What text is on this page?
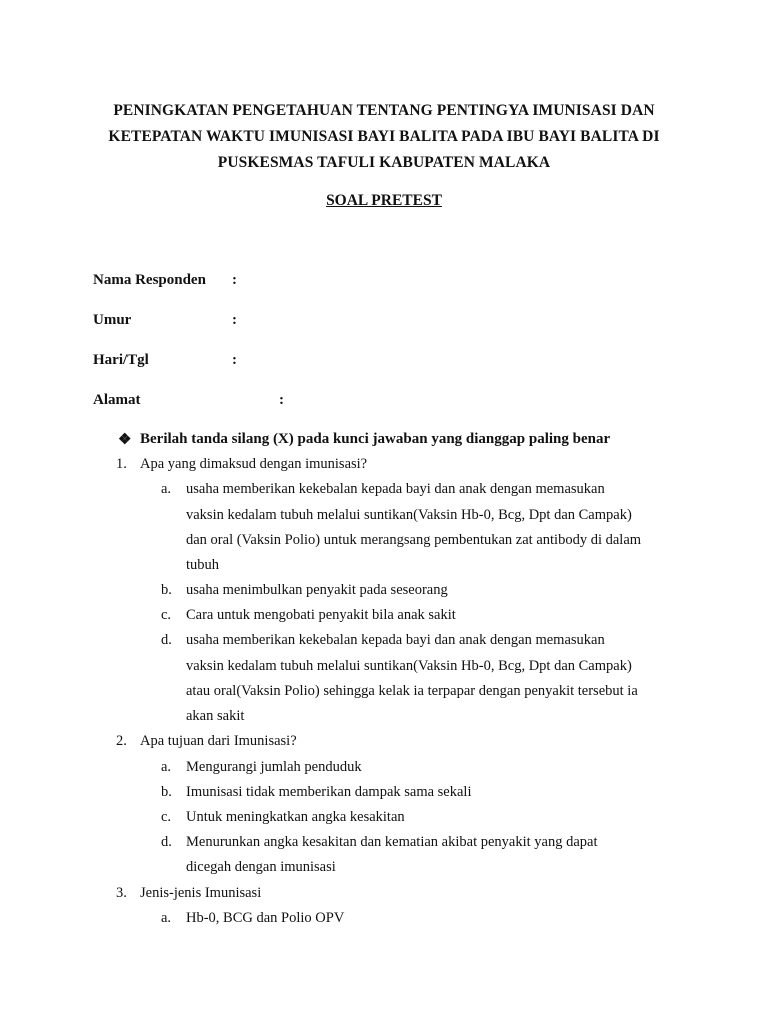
PENINGKATAN PENGETAHUAN TENTANG PENTINGYA IMUNISASI DAN
KETEPATAN WAKTU IMUNISASI BAYI BALITA PADA IBU BAYI BALITA DI
PUSKESMAS TAFULI KABUPATEN MALAKA
SOAL PRETEST
Nama Responden :
Umur	:
Hari/Tgl	:
Alamat	:
❖ Berilah tanda silang (X) pada kunci jawaban yang dianggap paling benar
1. Apa yang dimaksud dengan imunisasi?
a. usaha memberikan kekebalan kepada bayi dan anak dengan memasukan
vaksin kedalam tubuh melalui suntikan(Vaksin Hb-0, Bcg, Dpt dan Campak)
dan oral (Vaksin Polio) untuk merangsang pembentukan zat antibody di dalam
tubuh
b. usaha menimbulkan penyakit pada seseorang
c. Cara untuk mengobati penyakit bila anak sakit
d. usaha memberikan kekebalan kepada bayi dan anak dengan memasukan
vaksin kedalam tubuh melalui suntikan(Vaksin Hb-0, Bcg, Dpt dan Campak)
atau oral(Vaksin Polio) sehingga kelak ia terpapar dengan penyakit tersebut ia
akan sakit
2. Apa tujuan dari Imunisasi?
a. Mengurangi jumlah penduduk
b. Imunisasi tidak memberikan dampak sama sekali
c. Untuk meningkatkan angka kesakitan
d. Menurunkan angka kesakitan dan kematian akibat penyakit yang dapat
dicegah dengan imunisasi
3. Jenis-jenis Imunisasi
a. Hb-0, BCG dan Polio OPV
